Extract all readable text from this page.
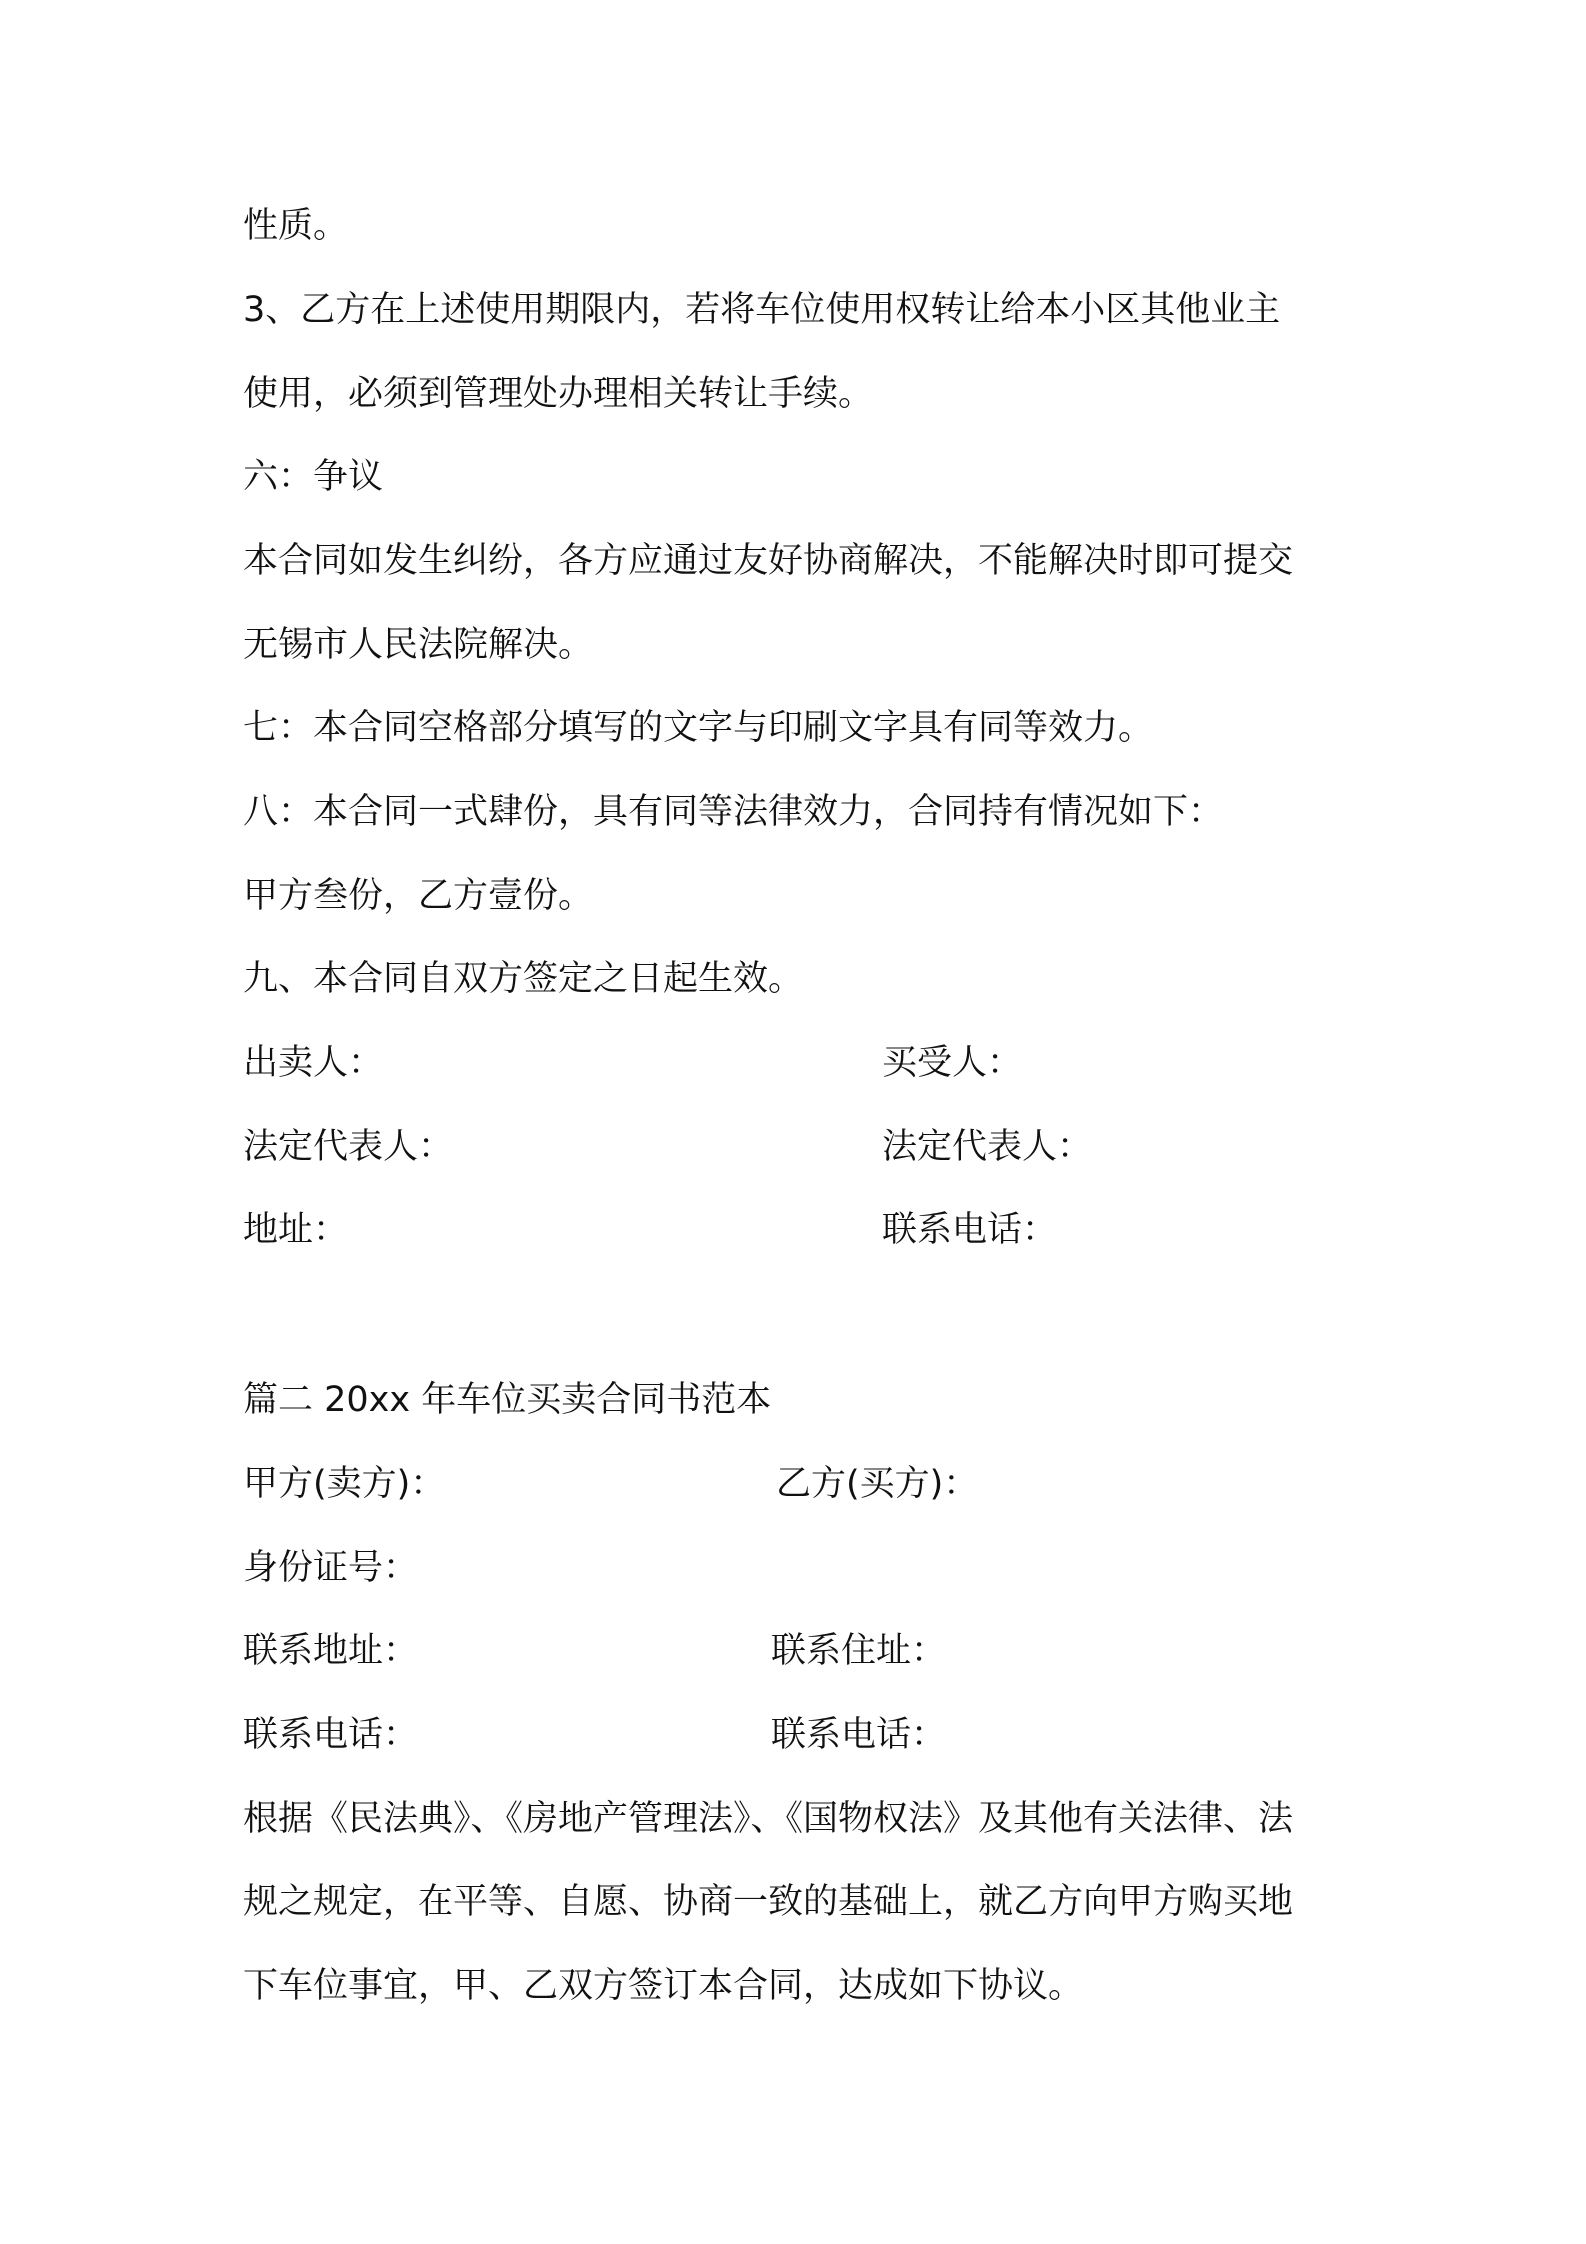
性质。
3、乙方在上述使用期限内，若将车位使用权转让给本小区其他业主
使用，必须到管理处办理相关转让手续。
六：争议
本合同如发生纠纷，各方应通过友好协商解决，不能解决时即可提交
无锡市人民法院解决。
七：本合同空格部分填写的文字与印刷文字具有同等效力。
八：本合同一式肆份，具有同等法律效力，合同持有情况如下：
甲方叁份，乙方壹份。
九、本合同自双方签定之日起生效。
出卖人：	买受人：
法定代表人：	法定代表人：
地址：	联系电话：
篇二 20xx 年车位买卖合同书范本
甲方(卖方)：	乙方(买方)：
身份证号：
联系地址：	联系住址：
联系电话：	联系电话：
根据《民法典》、《房地产管理法》、《国物权法》及其他有关法律、法
规之规定，在平等、自愿、协商一致的基础上，就乙方向甲方购买地
下车位事宜，甲、乙双方签订本合同，达成如下协议。
